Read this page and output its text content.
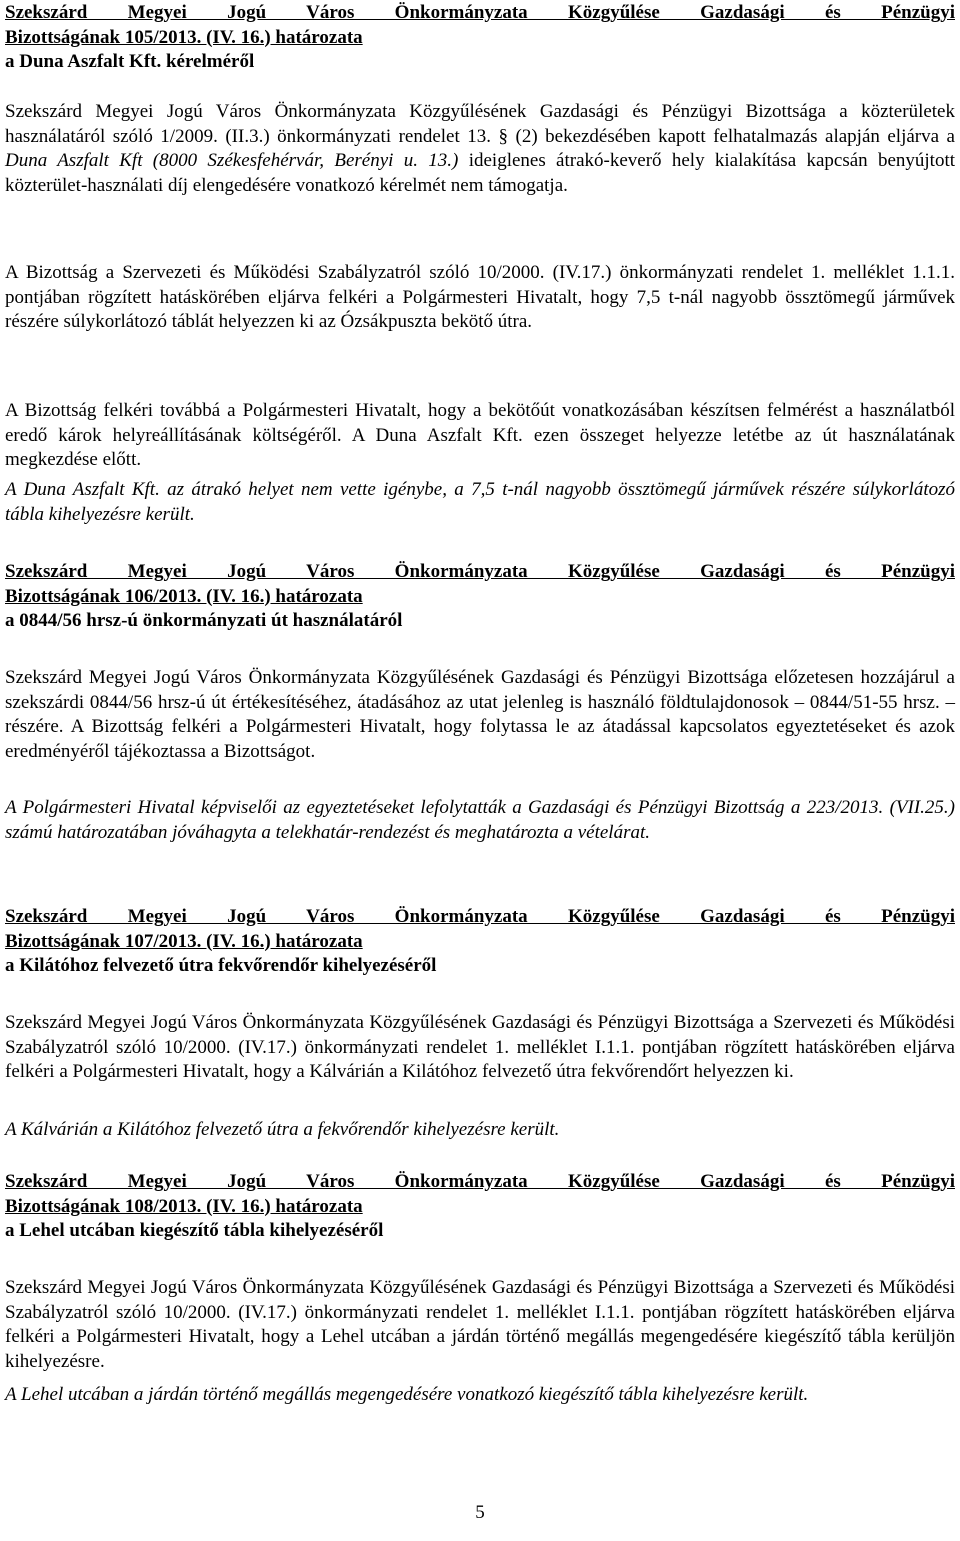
Szekszárd Megyei Jogú Város Önkormányzata Közgyűlése Gazdasági és Pénzügyi
Bizottságának 105/2013. (IV. 16.) határozata
a Duna Aszfalt Kft. kérelméről

Szekszárd Megyei Jogú Város Önkormányzata Közgyűlésének Gazdasági és Pénzügyi Bizottsága a közterületek használatáról szóló 1/2009. (II.3.) önkormányzati rendelet 13. § (2) bekezdésében kapott felhatalmazás alapján eljárva a Duna Aszfalt Kft (8000 Székesfehérvár, Berényi u. 13.) ideiglenes átrakó-keverő hely kialakítása kapcsán benyújtott közterület-használati díj elengedésére vonatkozó kérelmét nem támogatja.

A Bizottság a Szervezeti és Működési Szabályzatról szóló 10/2000. (IV.17.) önkormányzati rendelet 1. melléklet 1.1.1. pontjában rögzített hatáskörében eljárva felkéri a Polgármesteri Hivatalt, hogy 7,5 t-nál nagyobb össztömegű járművek részére súlykorlátozó táblát helyezzen ki az Ózsákpuszta bekötő útra.

A Bizottság felkéri továbbá a Polgármesteri Hivatalt, hogy a bekötőút vonatkozásában készítsen felmérést a használatból eredő károk helyreállításának költségéről. A Duna Aszfalt Kft. ezen összeget helyezze letétbe az út használatának megkezdése előtt.

A Duna Aszfalt Kft. az átrakó helyet nem vette igénybe, a 7,5 t-nál nagyobb össztömegű járművek részére súlykorlátozó tábla kihelyezésre került.

Szekszárd Megyei Jogú Város Önkormányzata Közgyűlése Gazdasági és Pénzügyi
Bizottságának 106/2013. (IV. 16.) határozata
a 0844/56 hrsz-ú önkormányzati út használatáról

Szekszárd Megyei Jogú Város Önkormányzata Közgyűlésének Gazdasági és Pénzügyi Bizottsága előzetesen hozzájárul a szekszárdi 0844/56 hrsz-ú út értékesítéséhez, átadásához az utat jelenleg is használó földtulajdonosok – 0844/51-55 hrsz. – részére. A Bizottság felkéri a Polgármesteri Hivatalt, hogy folytassa le az átadással kapcsolatos egyeztetéseket és azok eredményéről tájékoztassa a Bizottságot.

A Polgármesteri Hivatal képviselői az egyeztetéseket lefolytatták a Gazdasági és Pénzügyi Bizottság a 223/2013. (VII.25.) számú határozatában jóváhagyta a telekhatár-rendezést és meghatározta a vételárat.

Szekszárd Megyei Jogú Város Önkormányzata Közgyűlése Gazdasági és Pénzügyi
Bizottságának 107/2013. (IV. 16.) határozata
a Kilátóhoz felvezető útra fekvőrendőr kihelyezéséről

Szekszárd Megyei Jogú Város Önkormányzata Közgyűlésének Gazdasági és Pénzügyi Bizottsága a Szervezeti és Működési Szabályzatról szóló 10/2000. (IV.17.) önkormányzati rendelet 1. melléklet I.1.1. pontjában rögzített hatáskörében eljárva felkéri a Polgármesteri Hivatalt, hogy a Kálvárián a Kilátóhoz felvezető útra fekvőrendőrt helyezzen ki.

A Kálvárián a Kilátóhoz felvezető útra a fekvőrendőr kihelyezésre került.

Szekszárd Megyei Jogú Város Önkormányzata Közgyűlése Gazdasági és Pénzügyi
Bizottságának 108/2013. (IV. 16.) határozata
a Lehel utcában kiegészítő tábla kihelyezéséről

Szekszárd Megyei Jogú Város Önkormányzata Közgyűlésének Gazdasági és Pénzügyi Bizottsága a Szervezeti és Működési Szabályzatról szóló 10/2000. (IV.17.) önkormányzati rendelet 1. melléklet I.1.1. pontjában rögzített hatáskörében eljárva felkéri a Polgármesteri Hivatalt, hogy a Lehel utcában a járdán történő megállás megengedésére kiegészítő tábla kerüljön kihelyezésre.

A Lehel utcában a járdán történő megállás megengedésére vonatkozó kiegészítő tábla kihelyezésre került.

5
